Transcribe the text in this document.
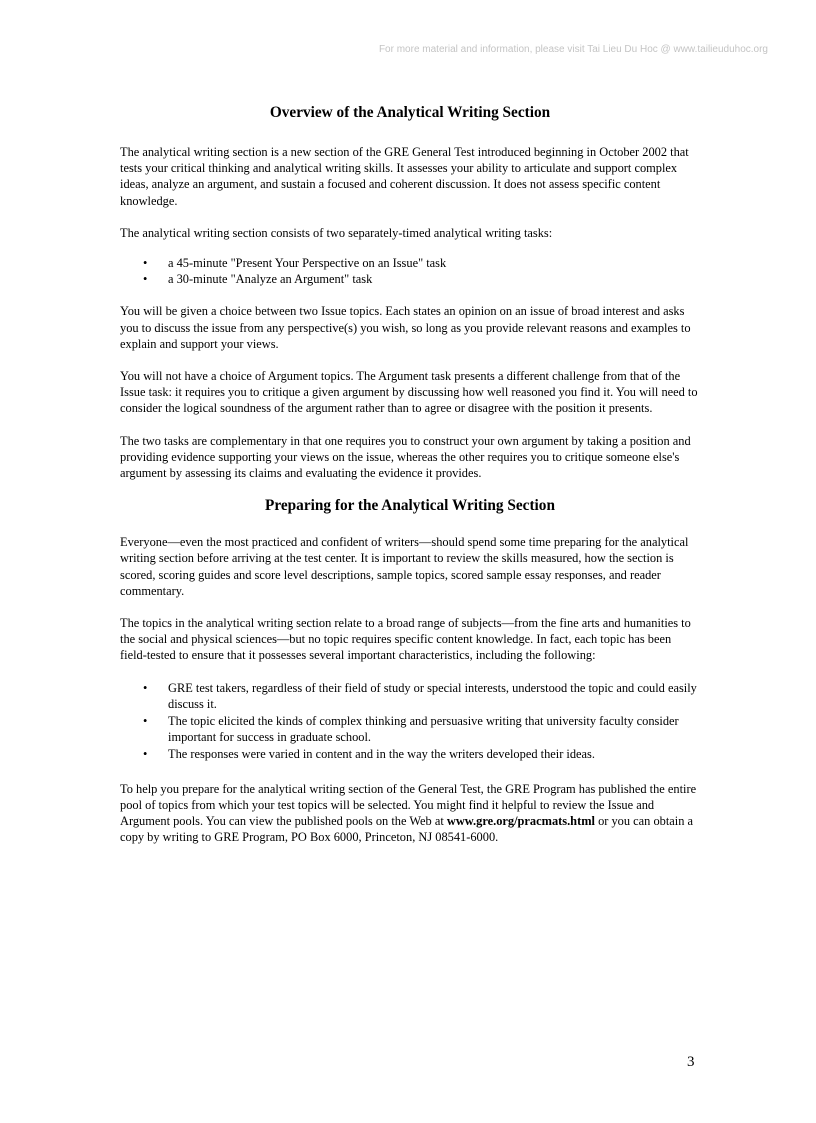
For more material and information, please visit Tai Lieu Du Hoc @ www.tailieuduhoc.org
Overview of the Analytical Writing Section

The analytical writing section is a new section of the GRE General Test introduced beginning in October 2002 that tests your critical thinking and analytical writing skills. It assesses your ability to articulate and support complex ideas, analyze an argument, and sustain a focused and coherent discussion. It does not assess specific content knowledge.

The analytical writing section consists of two separately-timed analytical writing tasks:

• a 45-minute "Present Your Perspective on an Issue" task
• a 30-minute "Analyze an Argument" task

You will be given a choice between two Issue topics. Each states an opinion on an issue of broad interest and asks you to discuss the issue from any perspective(s) you wish, so long as you provide relevant reasons and examples to explain and support your views.

You will not have a choice of Argument topics. The Argument task presents a different challenge from that of the Issue task: it requires you to critique a given argument by discussing how well reasoned you find it. You will need to consider the logical soundness of the argument rather than to agree or disagree with the position it presents.

The two tasks are complementary in that one requires you to construct your own argument by taking a position and providing evidence supporting your views on the issue, whereas the other requires you to critique someone else's argument by assessing its claims and evaluating the evidence it provides.

Preparing for the Analytical Writing Section

Everyone—even the most practiced and confident of writers—should spend some time preparing for the analytical writing section before arriving at the test center. It is important to review the skills measured, how the section is scored, scoring guides and score level descriptions, sample topics, scored sample essay responses, and reader commentary.

The topics in the analytical writing section relate to a broad range of subjects—from the fine arts and humanities to the social and physical sciences—but no topic requires specific content knowledge. In fact, each topic has been field-tested to ensure that it possesses several important characteristics, including the following:

• GRE test takers, regardless of their field of study or special interests, understood the topic and could easily discuss it.
• The topic elicited the kinds of complex thinking and persuasive writing that university faculty consider important for success in graduate school.
• The responses were varied in content and in the way the writers developed their ideas.

To help you prepare for the analytical writing section of the General Test, the GRE Program has published the entire pool of topics from which your test topics will be selected. You might find it helpful to review the Issue and Argument pools. You can view the published pools on the Web at www.gre.org/pracmats.html or you can obtain a copy by writing to GRE Program, PO Box 6000, Princeton, NJ 08541-6000.

3
